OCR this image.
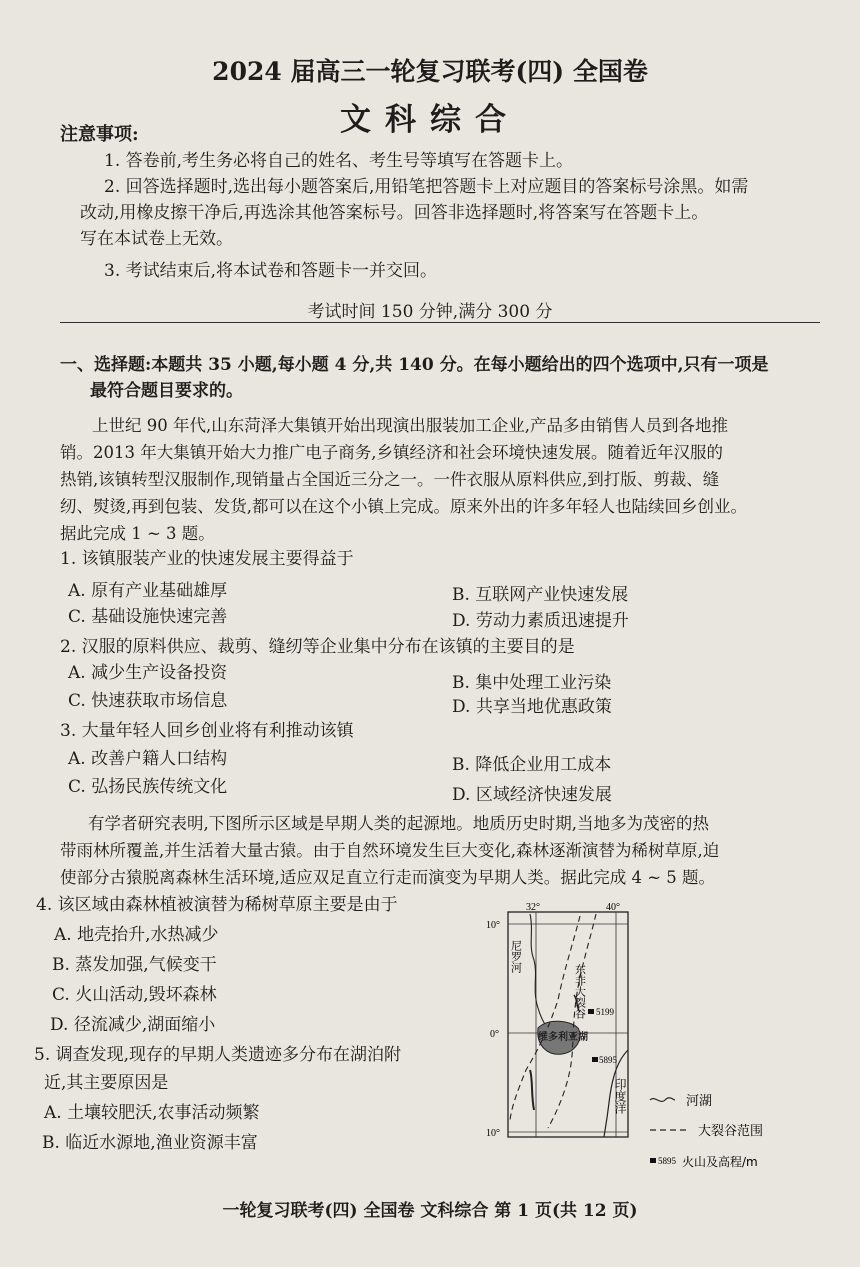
2024 届高三一轮复习联考(四) 全国卷
文科综合
注意事项:
1. 答卷前,考生务必将自己的姓名、考生号等填写在答题卡上。
2. 回答选择题时,选出每小题答案后,用铅笔把答题卡上对应题目的答案标号涂黑。如需
改动,用橡皮擦干净后,再选涂其他答案标号。回答非选择题时,将答案写在答题卡上。
写在本试卷上无效。
3. 考试结束后,将本试卷和答题卡一并交回。
考试时间 150 分钟,满分 300 分
一、选择题:本题共 35 小题,每小题 4 分,共 140 分。在每小题给出的四个选项中,只有一项是
最符合题目要求的。
上世纪 90 年代,山东菏泽大集镇开始出现演出服装加工企业,产品多由销售人员到各地推
销。2013 年大集镇开始大力推广电子商务,乡镇经济和社会环境快速发展。随着近年汉服的
热销,该镇转型汉服制作,现销量占全国近三分之一。一件衣服从原料供应,到打版、剪裁、缝
纫、熨烫,再到包装、发货,都可以在这个小镇上完成。原来外出的许多年轻人也陆续回乡创业。
据此完成 1 ~ 3 题。
1. 该镇服装产业的快速发展主要得益于
A. 原有产业基础雄厚	B. 互联网产业快速发展
C. 基础设施快速完善	D. 劳动力素质迅速提升
2. 汉服的原料供应、裁剪、缝纫等企业集中分布在该镇的主要目的是
A. 减少生产设备投资	B. 集中处理工业污染
C. 快速获取市场信息	D. 共享当地优惠政策
3. 大量年轻人回乡创业将有利推动该镇
A. 改善户籍人口结构	B. 降低企业用工成本
C. 弘扬民族传统文化	D. 区域经济快速发展
有学者研究表明,下图所示区域是早期人类的起源地。地质历史时期,当地多为茂密的热
带雨林所覆盖,并生活着大量古猿。由于自然环境发生巨大变化,森林逐渐演替为稀树草原,迫
使部分古猿脱离森林生活环境,适应双足直立行走而演变为早期人类。据此完成 4 ~ 5 题。
4. 该区域由森林植被演替为稀树草原主要是由于
A. 地壳抬升,水热减少
B. 蒸发加强,气候变干
C. 火山活动,毁坏森林
D. 径流减少,湖面缩小
5. 调查发现,现存的早期人类遗迹多分布在湖泊附
近,其主要原因是
A. 土壤较肥沃,农事活动频繁
B. 临近水源地,渔业资源丰富
32°	40°
10°
0°
10°
尼罗河
东非大裂谷
维多利亚湖
5199
5895
印度洋	河湖
大裂谷范围
5895 火山及高程/m
一轮复习联考(四) 全国卷 文科综合 第 1 页(共 12 页)
